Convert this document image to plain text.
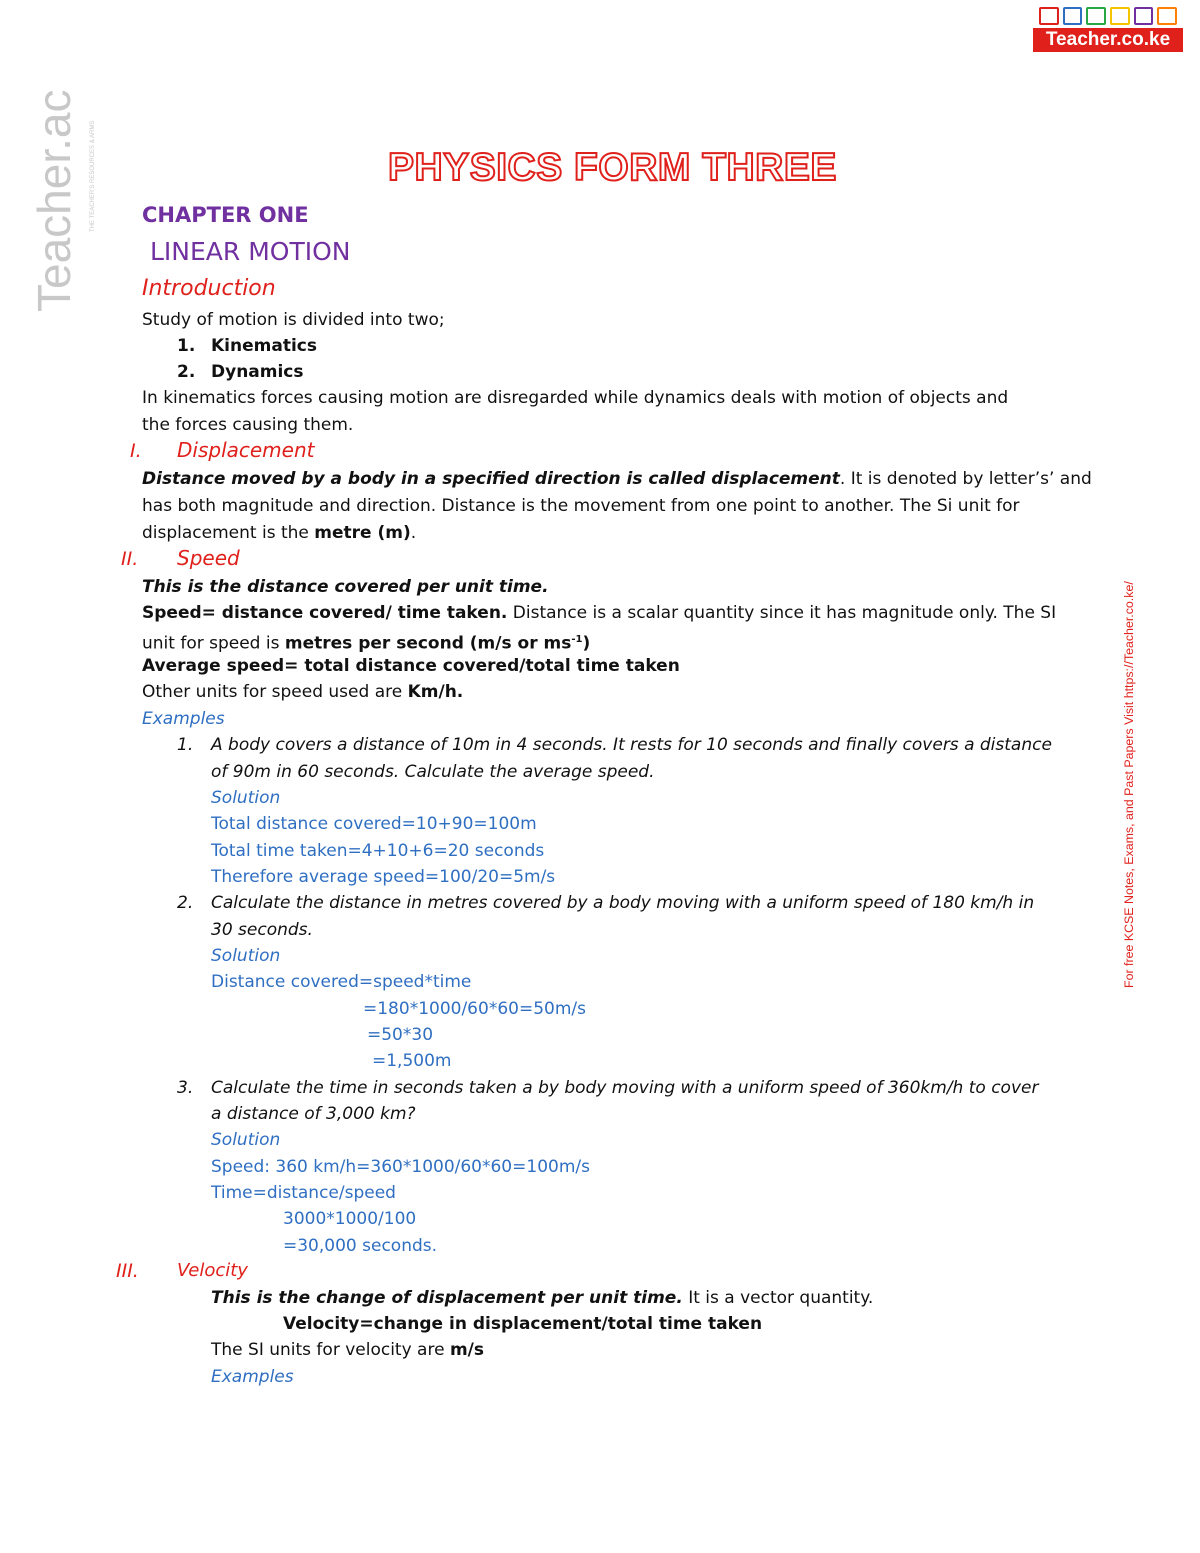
Teacher.co.ke
Teacher.ac THE TEACHER'S RESOURCES & ARMS
For free KCSE Notes, Exams, and Past Papers Visit https://Teacher.co.ke/
PHYSICS FORM THREE
CHAPTER ONE
LINEAR MOTION
Introduction
Study of motion is divided into two;
1. Kinematics
2. Dynamics
In kinematics forces causing motion are disregarded while dynamics deals with motion of objects and
the forces causing them.
I. Displacement
Distance moved by a body in a specified direction is called displacement. It is denoted by letter’s’ and
has both magnitude and direction. Distance is the movement from one point to another. The Si unit for
displacement is the metre (m).
II. Speed
This is the distance covered per unit time.
Speed= distance covered/ time taken. Distance is a scalar quantity since it has magnitude only. The SI
unit for speed is metres per second (m/s or $ms^{-1}$)
Average speed= total distance covered/total time taken
Other units for speed used are Km/h.
Examples
1. A body covers a distance of 10m in 4 seconds. It rests for 10 seconds and finally covers a distance
of 90m in 60 seconds. Calculate the average speed.
Solution
Total distance covered=10+90=100m
Total time taken=4+10+6=20 seconds
Therefore average speed=100/20=5m/s
2. Calculate the distance in metres covered by a body moving with a uniform speed of 180 km/h in
30 seconds.
Solution
Distance covered=speed*time
=180*1000/60*60=50m/s
=50*30
=1,500m
3. Calculate the time in seconds taken a by body moving with a uniform speed of 360km/h to cover
a distance of 3,000 km?
Solution
Speed: 360 km/h=360*1000/60*60=100m/s
Time=distance/speed
3000*1000/100
=30,000 seconds.
III. Velocity
This is the change of displacement per unit time. It is a vector quantity.
Velocity=change in displacement/total time taken
The SI units for velocity are m/s
Examples
